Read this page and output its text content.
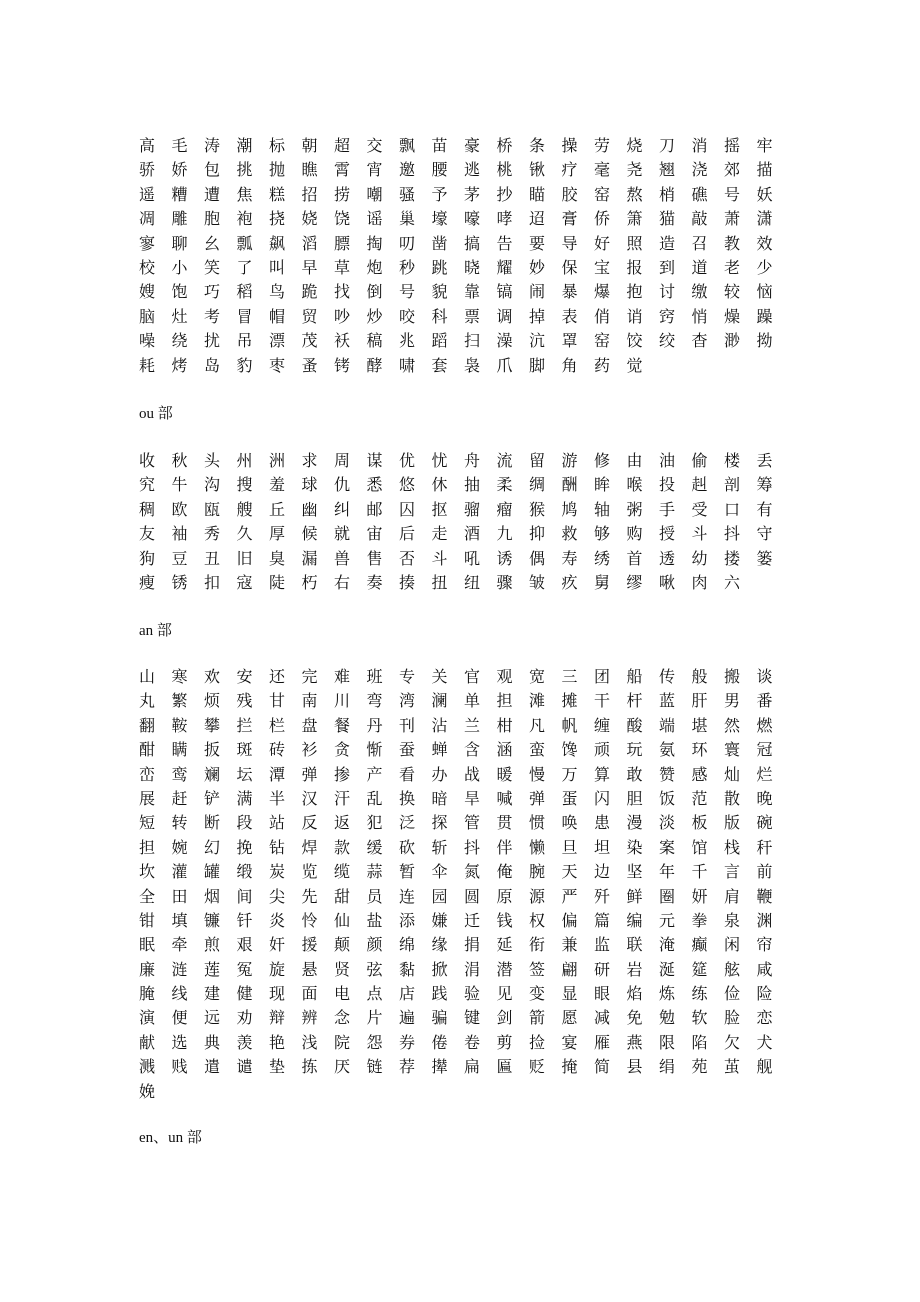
高	毛	涛	潮	标	朝	超	交	飘	苗	豪	桥	条	操	劳	烧	刀	消	摇	牢
骄	娇	包	挑	抛	瞧	霄	宵	邀	腰	逃	桃	锹	疗	毫	尧	翘	浇	郊	描
遥	糟	遭	焦	糕	招	捞	嘲	骚	予	茅	抄	瞄	胶	窑	熬	梢	礁	号	妖
凋	雕	胞	袍	挠	娆	饶	谣	巢	壕	嚎	哮	迢	膏	侨	箫	猫	敲	萧	潇
寥	聊	幺	瓢	飙	滔	膘	掏	叨	凿	搞	告	要	导	好	照	造	召	教	效
校	小	笑	了	叫	早	草	炮	秒	跳	晓	耀	妙	保	宝	报	到	道	老	少
嫂	饱	巧	稻	鸟	跪	找	倒	号	貌	靠	镐	闹	暴	爆	抱	讨	缴	较	恼
脑	灶	考	冒	帽	贸	吵	炒	咬	科	票	调	掉	表	俏	诮	窍	悄	燥	躁
噪	绕	扰	吊	漂	茂	袄	稿	兆	蹈	扫	澡	沆	罩	窑	饺	绞	杳	渺	拗
耗	烤	岛	豹	枣	蚤	铐	酵	啸	套	袅	爪	脚	角	药	觉
ou 部
收	秋	头	州	洲	求	周	谋	优	忧	舟	流	留	游	修	由	油	偷	楼	丢
究	牛	沟	搜	羞	球	仇	悉	悠	休	抽	柔	绸	酬	眸	喉	投	赳	剖	筹
稠	欧	瓯	艘	丘	幽	纠	邮	囚	抠	骝	瘤	猴	鸠	轴	粥	手	受	口	有
友	袖	秀	久	厚	候	就	宙	后	走	酒	九	抑	救	够	购	授	斗	抖	守
狗	豆	丑	旧	臭	漏	兽	售	否	斗	吼	诱	偶	寿	绣	首	透	幼	搂	篓
瘦	锈	扣	寇	陡	朽	右	奏	揍	扭	纽	骤	皱	疚	舅	缪	啾	肉	六
an 部
山	寒	欢	安	还	完	难	班	专	关	官	观	宽	三	团	船	传	般	搬	谈
丸	繁	烦	残	甘	南	川	弯	湾	澜	单	担	滩	摊	干	杆	蓝	肝	男	番
翻	鞍	攀	拦	栏	盘	餐	丹	刊	沾	兰	柑	凡	帆	缠	酸	端	堪	然	燃
酣	瞒	扳	斑	砖	衫	贪	惭	蚕	蝉	含	涵	蛮	馋	顽	玩	氨	环	寰	冠
峦	鸾	斓	坛	潭	弹	掺	产	看	办	战	暖	慢	万	算	敢	赞	感	灿	烂
展	赶	铲	满	半	汉	汗	乱	换	暗	旱	喊	弹	蛋	闪	胆	饭	范	散	晚
短	转	断	段	站	反	返	犯	泛	探	管	贯	惯	唤	患	漫	淡	板	版	碗
担	婉	幻	挽	钻	焊	款	缓	砍	斩	抖	伴	懒	旦	坦	染	案	馆	栈	秆
坎	灌	罐	缎	炭	览	缆	蒜	暂	伞	氮	俺	腕	天	边	坚	年	千	言	前
全	田	烟	间	尖	先	甜	员	连	园	圆	原	源	严	歼	鲜	圈	妍	肩	鞭
钳	填	镰	钎	炎	怜	仙	盐	添	嫌	迁	钱	权	偏	篇	编	元	拳	泉	渊
眠	牵	煎	艰	奸	援	颠	颜	绵	缘	捐	延	衔	兼	监	联	淹	癫	闲	帘
廉	涟	莲	冤	旋	悬	贤	弦	黏	掀	涓	潜	签	翩	研	岩	涎	筵	舷	咸
腌	线	建	健	现	面	电	点	店	践	验	见	变	显	眼	焰	炼	练	俭	险
演	便	远	劝	辩	辨	念	片	遍	骗	键	剑	箭	愿	减	免	勉	软	脸	恋
献	选	典	羡	艳	浅	院	怨	券	倦	卷	剪	捡	宴	雁	燕	限	陷	欠	犬
溅	贱	遣	谴	垫	拣	厌	链	荐	撵	扁	匾	贬	掩	简	县	绢	苑	茧	舰
娩
en、un 部
